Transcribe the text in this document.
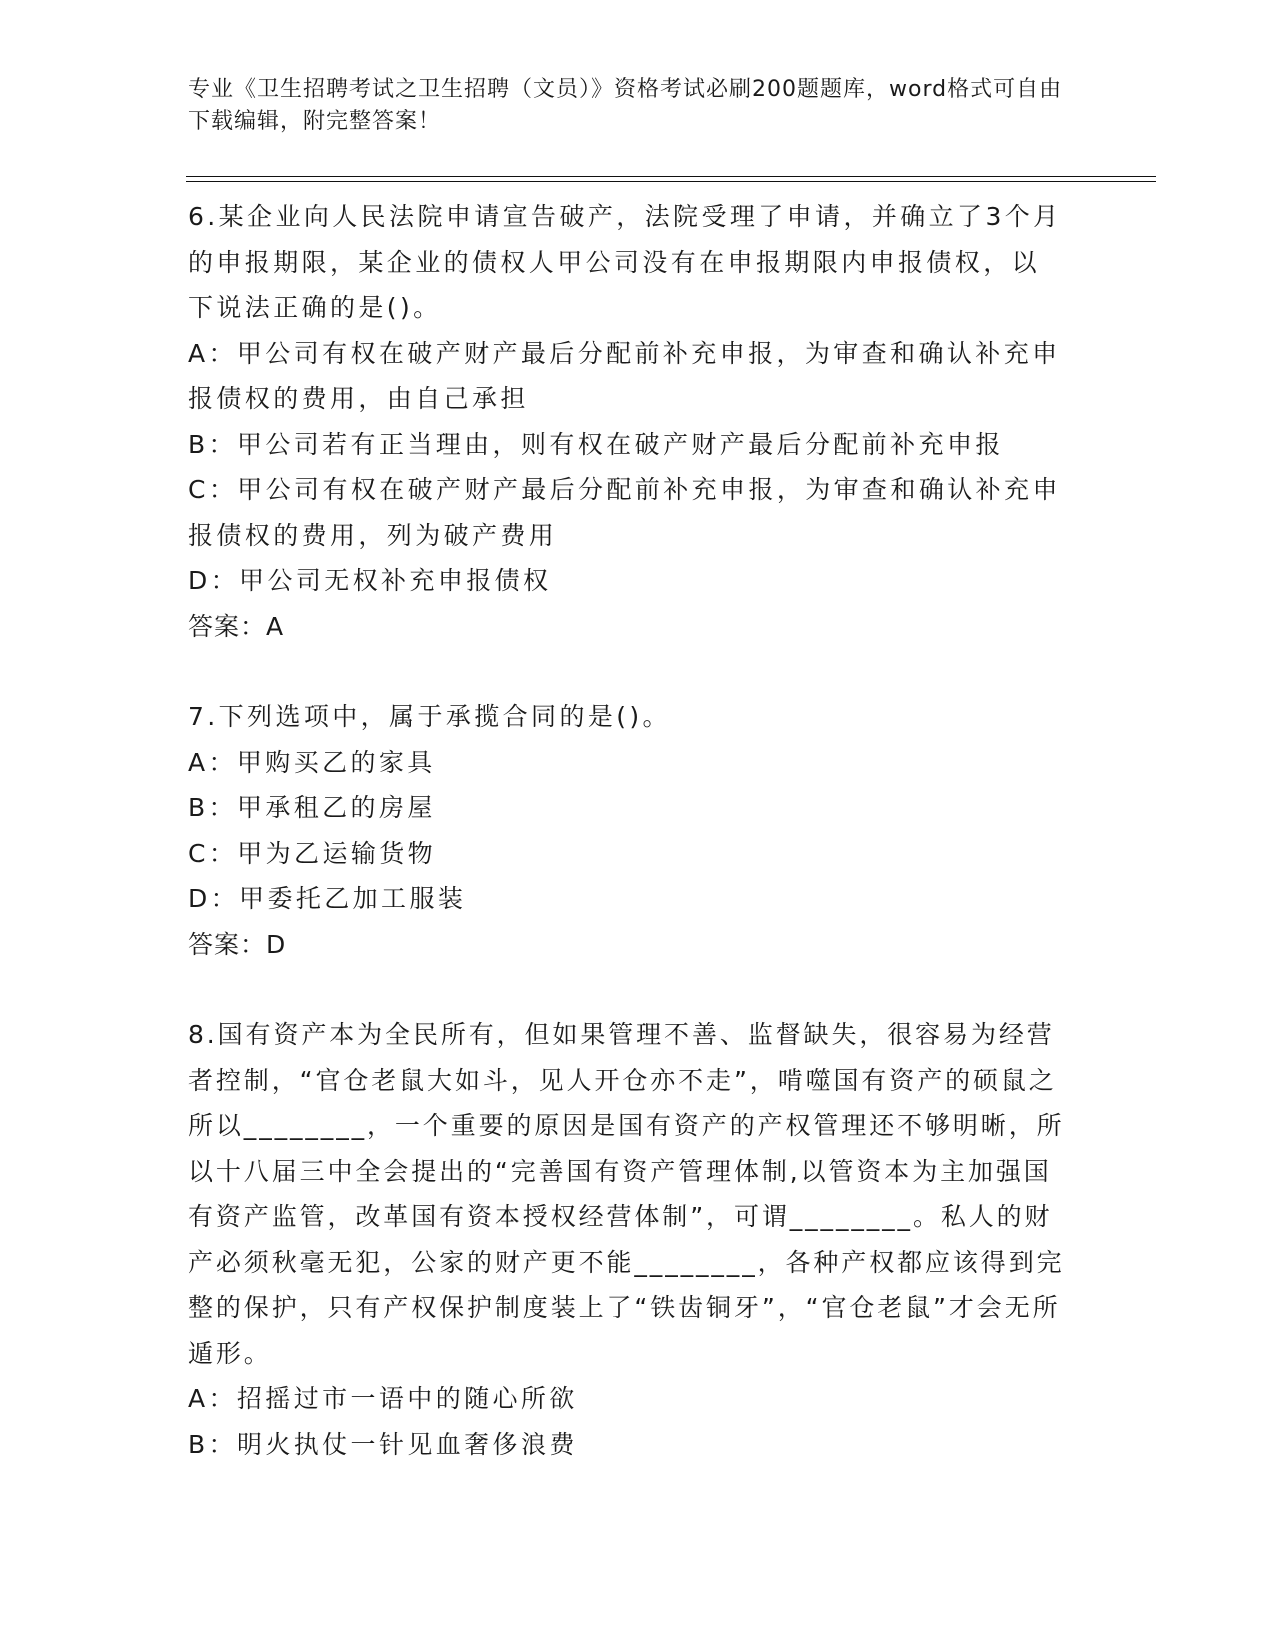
专业《卫生招聘考试之卫生招聘（文员）》资格考试必刷200题题库，word格式可自由下载编辑，附完整答案！
6.某企业向人民法院申请宣告破产，法院受理了申请，并确立了3个月的申报期限，某企业的债权人甲公司没有在申报期限内申报债权，以下说法正确的是()。
A：甲公司有权在破产财产最后分配前补充申报，为审查和确认补充申报债权的费用，由自己承担
B：甲公司若有正当理由，则有权在破产财产最后分配前补充申报
C：甲公司有权在破产财产最后分配前补充申报，为审查和确认补充申报债权的费用，列为破产费用
D：甲公司无权补充申报债权
答案：A
7.下列选项中，属于承揽合同的是()。
A：甲购买乙的家具
B：甲承租乙的房屋
C：甲为乙运输货物
D：甲委托乙加工服装
答案：D
8.国有资产本为全民所有，但如果管理不善、监督缺失，很容易为经营者控制，“官仓老鼠大如斗，见人开仓亦不走”，啃噬国有资产的硕鼠之所以________，一个重要的原因是国有资产的产权管理还不够明晰，所以十八届三中全会提出的“完善国有资产管理体制,以管资本为主加强国有资产监管，改革国有资本授权经营体制”，可谓________。私人的财产必须秋毫无犯，公家的财产更不能________，各种产权都应该得到完整的保护，只有产权保护制度装上了“铁齿铜牙”，“官仓老鼠”才会无所遁形。
A：招摇过市一语中的随心所欲
B：明火执仗一针见血奢侈浪费
